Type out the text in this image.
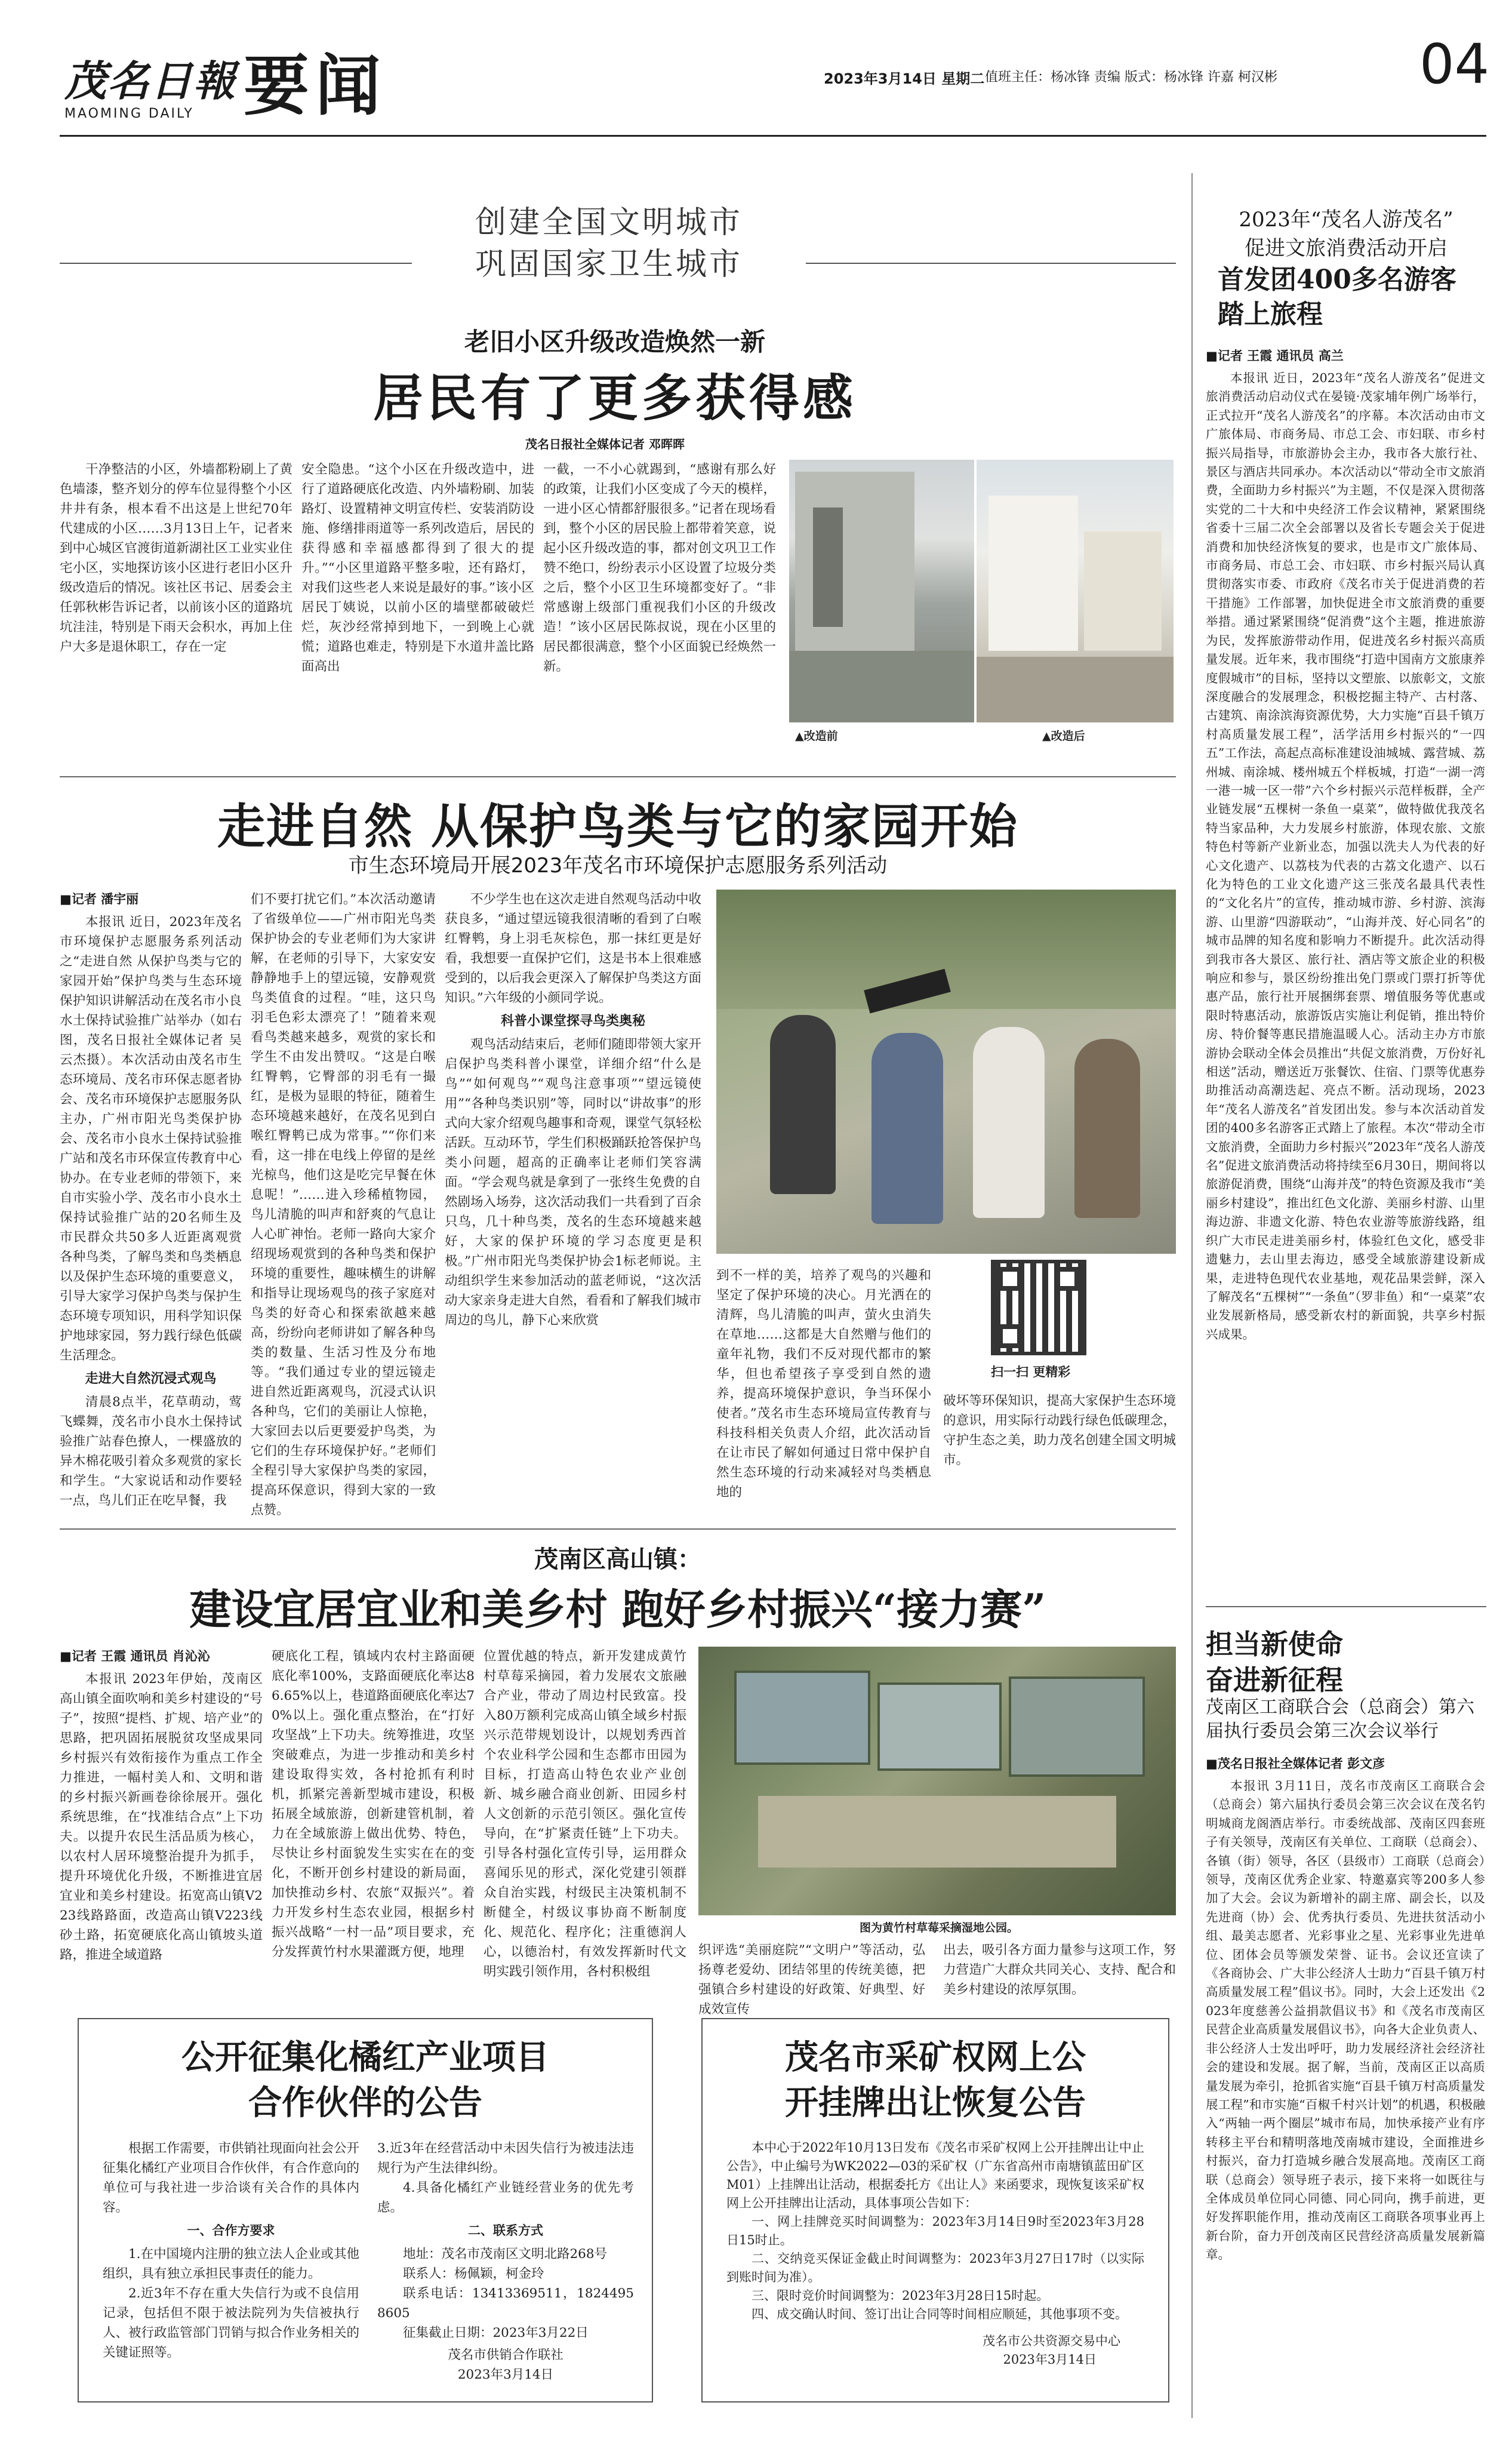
茂名日報
MAOMING DAILY 要闻	2023年3月14日 星期二 值班主任：杨冰锋 责编 版式：杨冰锋 许嘉 柯汉彬	04
创建全国文明城市
巩固国家卫生城市
老旧小区升级改造焕然一新
居民有了更多获得感
茂名日报社全媒体记者 邓晖晖

干净整洁的小区，外墙都粉刷上了黄色墙漆，整齐划分的停车位显得整个小区井井有条，根本看不出这是上世纪70年代建成的小区……3月13日上午，记者来到中心城区官渡街道新湖社区工业实业住宅小区，实地探访该小区进行老旧小区升级改造后的情况。该社区书记、居委会主任郭秋彬告诉记者，以前该小区的道路坑坑洼洼，特别是下雨天会积水，再加上住户大多是退休职工，存在一定

安全隐患。“这个小区在升级改造中，进行了道路硬底化改造、内外墙粉刷、加装路灯、设置精神文明宣传栏、安装消防设施、修缮排雨道等一系列改造后，居民的获得感和幸福感都得到了很大的提升。”“小区里道路平整多啦，还有路灯，对我们这些老人来说是最好的事。”该小区居民丁姨说，以前小区的墙壁都破破烂烂，灰沙经常掉到地下，一到晚上心就慌；道路也难走，特别是下水道井盖比路面高出

一截，一不小心就踢到，“感谢有那么好的政策，让我们小区变成了今天的模样，一进小区心情都舒服很多。”记者在现场看到，整个小区的居民脸上都带着笑意，说起小区升级改造的事，都对创文巩卫工作赞不绝口，纷纷表示小区设置了垃圾分类之后，整个小区卫生环境都变好了。“非常感谢上级部门重视我们小区的升级改造！”该小区居民陈叔说，现在小区里的居民都很满意，整个小区面貌已经焕然一新。

▲改造前	▲改造后
走进自然 从保护鸟类与它的家园开始
市生态环境局开展2023年茂名市环境保护志愿服务系列活动
■记者 潘宇丽

本报讯 近日，2023年茂名市环境保护志愿服务系列活动之“走进自然 从保护鸟类与它的家园开始”保护鸟类与生态环境保护知识讲解活动在茂名市小良水土保持试验推广站举办（如右图，茂名日报社全媒体记者 吴云杰摄）。本次活动由茂名市生态环境局、茂名市环保志愿者协会、茂名市环境保护志愿服务队主办，广州市阳光鸟类保护协会、茂名市小良水土保持试验推广站和茂名市环保宣传教育中心协办。在专业老师的带领下，来自市实验小学、茂名市小良水土保持试验推广站的20名师生及市民群众共50多人近距离观赏各种鸟类，了解鸟类和鸟类栖息以及保护生态环境的重要意义，引导大家学习保护鸟类与保护生态环境专项知识，用科学知识保护地球家园，努力践行绿色低碳生活理念。

走进大自然沉浸式观鸟

清晨8点半，花草萌动，莺飞蝶舞，茂名市小良水土保持试验推广站春色撩人，一棵盛放的异木棉花吸引着众多观赏的家长和学生。“大家说话和动作要轻一点，鸟儿们正在吃早餐，我

们不要打扰它们。”本次活动邀请了省级单位——广州市阳光鸟类保护协会的专业老师们为大家讲解，在老师的引导下，大家安安静静地手上的望远镜，安静观赏鸟类值食的过程。“哇，这只鸟羽毛色彩太漂亮了！”随着来观看鸟类越来越多，观赏的家长和学生不由发出赞叹。“这是白喉红臀鹎，它臀部的羽毛有一撮红，是极为显眼的特征，随着生态环境越来越好，在茂名见到白喉红臀鹎已成为常事。”“你们来看，这一排在电线上停留的是丝光椋鸟，他们这是吃完早餐在休息呢！”……进入珍稀植物园，鸟儿清脆的叫声和舒爽的气息让人心旷神怡。老师一路向大家介绍现场观赏到的各种鸟类和保护环境的重要性，趣味横生的讲解和指导让现场观鸟的孩子家庭对鸟类的好奇心和探索欲越来越高，纷纷向老师讲如了解各种鸟类的数量、生活习性及分布地等。“我们通过专业的望远镜走进自然近距离观鸟，沉浸式认识各种鸟，它们的美丽让人惊艳，大家回去以后更要爱护鸟类，为它们的生存环境保护好。”老师们全程引导大家保护鸟类的家园，提高环保意识，得到大家的一致点赞。

不少学生也在这次走进自然观鸟活动中收获良多，“通过望远镜我很清晰的看到了白喉红臀鹎，身上羽毛灰棕色，那一抹红更是好看，我想要一直保护它们，这是书本上很难感受到的，以后我会更深入了解保护鸟类这方面知识。”六年级的小颜同学说。

科普小课堂探寻鸟类奥秘

观鸟活动结束后，老师们随即带领大家开启保护鸟类科普小课堂，详细介绍“什么是鸟”“如何观鸟”“观鸟注意事项”“望远镜使用”“各种鸟类识别”等，同时以“讲故事”的形式向大家介绍观鸟趣事和奇观，课堂气氛轻松活跃。互动环节，学生们积极踊跃抢答保护鸟类小问题，超高的正确率让老师们笑容满面。“学会观鸟就是拿到了一张终生免费的自然剧场入场券，这次活动我们一共看到了百余只鸟，几十种鸟类，茂名的生态环境越来越好，大家的保护环境的学习态度更是积极。”广州市阳光鸟类保护协会1标老师说。主动组织学生来参加活动的蓝老师说，“这次活动大家亲身走进大自然，看看和了解我们城市周边的鸟儿，静下心来欣赏

到不一样的美，培养了观鸟的兴趣和坚定了保护环境的决心。月光洒在的清辉，鸟儿清脆的叫声，萤火虫消失在草地……这都是大自然赠与他们的童年礼物，我们不反对现代都市的繁华，但也希望孩子享受到自然的遗养，提高环境保护意识，争当环保小使者。”茂名市生态环境局宣传教育与科技科相关负责人介绍，此次活动旨在让市民了解如何通过日常中保护自然生态环境的行动来减轻对鸟类栖息地的

扫一扫 更精彩

破坏等环保知识，提高大家保护生态环境的意识，用实际行动践行绿色低碳理念，守护生态之美，助力茂名创建全国文明城市。

茂南区高山镇：
建设宜居宜业和美乡村 跑好乡村振兴“接力赛”
■记者 王霞 通讯员 肖沁沁

本报讯 2023年伊始，茂南区高山镇全面吹响和美乡村建设的“号子”，按照“提档、扩规、培产业”的思路，把巩固拓展脱贫攻坚成果同乡村振兴有效衔接作为重点工作全力推进，一幅村美人和、文明和谐的乡村振兴新画卷徐徐展开。强化系统思维，在“找准结合点”上下功夫。以提升农民生活品质为核心，以农村人居环境整治提升为抓手，提升环境优化升级，不断推进宜居宜业和美乡村建设。拓宽高山镇V223线路路面，改造高山镇V223线砂土路，拓宽硬底化高山镇坡头道路，推进全域道路

硬底化工程，镇域内农村主路面硬底化率100%，支路面硬底化率达86.65%以上，巷道路面硬底化率达70%以上。强化重点整治，在“打好攻坚战”上下功夫。统筹推进，攻坚突破难点，为进一步推动和美乡村建设取得实效，各村抢抓有利时机，抓紧完善新型城市建设，积极拓展全域旅游，创新建管机制，着力在全域旅游上做出优势、特色，尽快让乡村面貌发生实实在在的变化，不断开创乡村建设的新局面，加快推动乡村、农旅“双振兴”。着力开发乡村生态农业园，根据乡村振兴战略“一村一品”项目要求，充分发挥黄竹村水果灌溉方便，地理

位置优越的特点，新开发建成黄竹村草莓采摘园，着力发展农文旅融合产业，带动了周边村民致富。投入80万额利完成高山镇全域乡村振兴示范带规划设计，以规划秀西首个农业科学公园和生态都市田园为目标，打造高山特色农业产业创新、城乡融合商业创新、田园乡村人文创新的示范引领区。强化宣传导向，在“扩紧责任链”上下功夫。引导各村强化宣传引导，运用群众喜闻乐见的形式，深化党建引领群众自治实践，村级民主决策机制不断健全，村级议事协商不断制度化、规范化、程序化；注重德润人心，以德治村，有效发挥新时代文明实践引领作用，各村积极组

图为黄竹村草莓采摘湿地公园。

织评选“美丽庭院”“文明户”等活动，弘扬尊老爱幼、团结邻里的传统美德，把强镇合乡村建设的好政策、好典型、好成效宣传

出去，吸引各方面力量参与这项工作，努力营造广大群众共同关心、支持、配合和美乡村建设的浓厚氛围。

2023年“茂名人游茂名”
促进文旅消费活动开启
首发团400多名游客踏上旅程
■记者 王霞 通讯员 高兰

本报讯 近日，2023年“茂名人游茂名”促进文旅消费活动启动仪式在晏镜·茂家埔年例广场举行，正式拉开“茂名人游茂名”的序幕。本次活动由市文广旅体局、市商务局、市总工会、市妇联、市乡村振兴局指导，市旅游协会主办，我市各大旅行社、景区与酒店共同承办。本次活动以“带动全市文旅消费，全面助力乡村振兴”为主题，不仅是深入贯彻落实党的二十大和中央经济工作会议精神，紧紧围绕省委十三届二次全会部署以及省长专题会关于促进消费和加快经济恢复的要求，也是市文广旅体局、市商务局、市总工会、市妇联、市乡村振兴局认真贯彻落实市委、市政府《茂名市关于促进消费的若干措施》工作部署，加快促进全市文旅消费的重要举措。通过紧紧围绕“促消费”这个主题，推进旅游为民，发挥旅游带动作用，促进茂名乡村振兴高质量发展。近年来，我市围绕“打造中国南方文旅康养度假城市”的目标，坚持以文塑旅、以旅彰文，文旅深度融合的发展理念，积极挖掘主特产、古村落、古建筑、南涂滨海资源优势，大力实施“百县千镇万村高质量发展工程”，活学活用乡村振兴的“一四五”工作法，高起点高标准建设油城城、露营城、荔州城、南涂城、楼州城五个样板城，打造“一湖一湾一港一城一区一带”六个乡村振兴示范样板群，全产业链发展“五棵树一条鱼一桌菜”，做特做优我茂名特当家品种，大力发展乡村旅游，体现农旅、文旅特色村等新产业新业态，加强以洗夫人为代表的好心文化遗产、以荔枝为代表的古荔文化遗产、以石化为特色的工业文化遗产这三张茂名最具代表性的“文化名片”的宣传，推动城市游、乡村游、滨海游、山里游“四游联动”，“山海并茂、好心同名”的城市品牌的知名度和影响力不断提升。此次活动得到我市各大景区、旅行社、酒店等文旅企业的积极响应和参与，景区纷纷推出免门票或门票打折等优惠产品，旅行社开展捆绑套票、增值服务等优惠或限时特惠活动，旅游饭店实施让利促销，推出特价房、特价餐等惠民措施温暖人心。活动主办方市旅游协会联动全体会员推出“共促文旅消费，万份好礼相送”活动，赠送近万张餐饮、住宿、门票等优惠券助推活动高潮迭起、亮点不断。活动现场，2023年“茂名人游茂名”首发团出发。参与本次活动首发团的400多名游客正式踏上了旅程。本次“带动全市文旅消费，全面助力乡村振兴”2023年“茂名人游茂名”促进文旅消费活动将持续至6月30日，期间将以旅游促消费，围绕“山海并茂”的特色资源及我市“美丽乡村建设”，推出红色文化游、美丽乡村游、山里海边游、非遗文化游、特色农业游等旅游线路，组织广大市民走进美丽乡村，体验红色文化，感受非遗魅力，去山里去海边，感受全域旅游建设新成果，走进特色现代农业基地，观花品果尝鲜，深入了解茂名“五棵树”“一条鱼”（罗非鱼）和“一桌菜”农业发展新格局，感受新农村的新面貌，共享乡村振兴成果。

担当新使命
奋进新征程
茂南区工商联合会（总商会）第六届执行委员会第三次会议举行
■茂名日报社全媒体记者 彭文彦

本报讯 3月11日，茂名市茂南区工商联合会（总商会）第六届执行委员会第三次会议在茂名钓明城商龙阁酒店举行。市委统战部、茂南区四套班子有关领导，茂南区有关单位、工商联（总商会）、各镇（街）领导，各区（县级市）工商联（总商会）领导，茂南区优秀企业家、特邀嘉宾等200多人参加了大会。会议为新增补的副主席、副会长，以及先进商（协）会、优秀执行委员、先进扶贫活动小组、最美志愿者、光彩事业之星、光彩事业先进单位、团体会员等颁发荣誉、证书。会议还宣读了《各商协会、广大非公经济人士助力“百县千镇万村高质量发展工程”倡议书》。同时，大会上还发出《2023年度慈善公益捐款倡议书》和《茂名市茂南区民营企业高质量发展倡议书》，向各大企业负责人、非公经济人士发出呼吁，助力发展经济社会经济社会的建设和发展。据了解，当前，茂南区正以高质量发展为牵引，抢抓省实施“百县千镇万村高质量发展工程”和市实施“百椒千村兴计划”的机遇，积极融入“两轴一两个圈层”城市布局，加快承接产业有序转移主平台和精明落地茂南城市建设，全面推进乡村振兴，奋力打造城乡融合发展高地。茂南区工商联（总商会）领导班子表示，接下来将一如既往与全体成员单位同心同德、同心同向，携手前进，更好发挥职能作用，推动茂南区工商联各项事业再上新台阶，奋力开创茂南区民营经济高质量发展新篇章。

公开征集化橘红产业项目
合作伙伴的公告

根据工作需要，市供销社现面向社会公开征集化橘红产业项目合作伙伴，有合作意向的单位可与我社进一步洽谈有关合作的具体内容。

一、合作方要求

1.在中国境内注册的独立法人企业或其他组织，具有独立承担民事责任的能力。

2.近3年不存在重大失信行为或不良信用记录，包括但不限于被法院列为失信被执行人、被行政监管部门罚销与拟合作业务相关的关键证照等。

3.近3年在经营活动中未因失信行为被违法违规行为产生法律纠纷。

4.具备化橘红产业链经营业务的优先考虑。

二、联系方式

地址：茂名市茂南区文明北路268号

联系人：杨佩颖，柯金玲

联系电话：13413369511，18244958605

征集截止日期：2023年3月22日

茂名市供销合作联社
2023年3月14日
茂名市采矿权网上公
开挂牌出让恢复公告

本中心于2022年10月13日发布《茂名市采矿权网上公开挂牌出让中止公告》，中止编号为WK2022—03的采矿权（广东省高州市南塘镇蓝田矿区M01）上挂牌出让活动，根据委托方《出让人》来函要求，现恢复该采矿权网上公开挂牌出让活动，具体事项公告如下：

一、网上挂牌竞买时间调整为：2023年3月14日9时至2023年3月28日15时止。

二、交纳竞买保证金截止时间调整为：2023年3月27日17时（以实际到账时间为准）。

三、限时竞价时间调整为：2023年3月28日15时起。

四、成交确认时间、签订出让合同等时间相应顺延，其他事项不变。

茂名市公共资源交易中心
2023年3月14日
